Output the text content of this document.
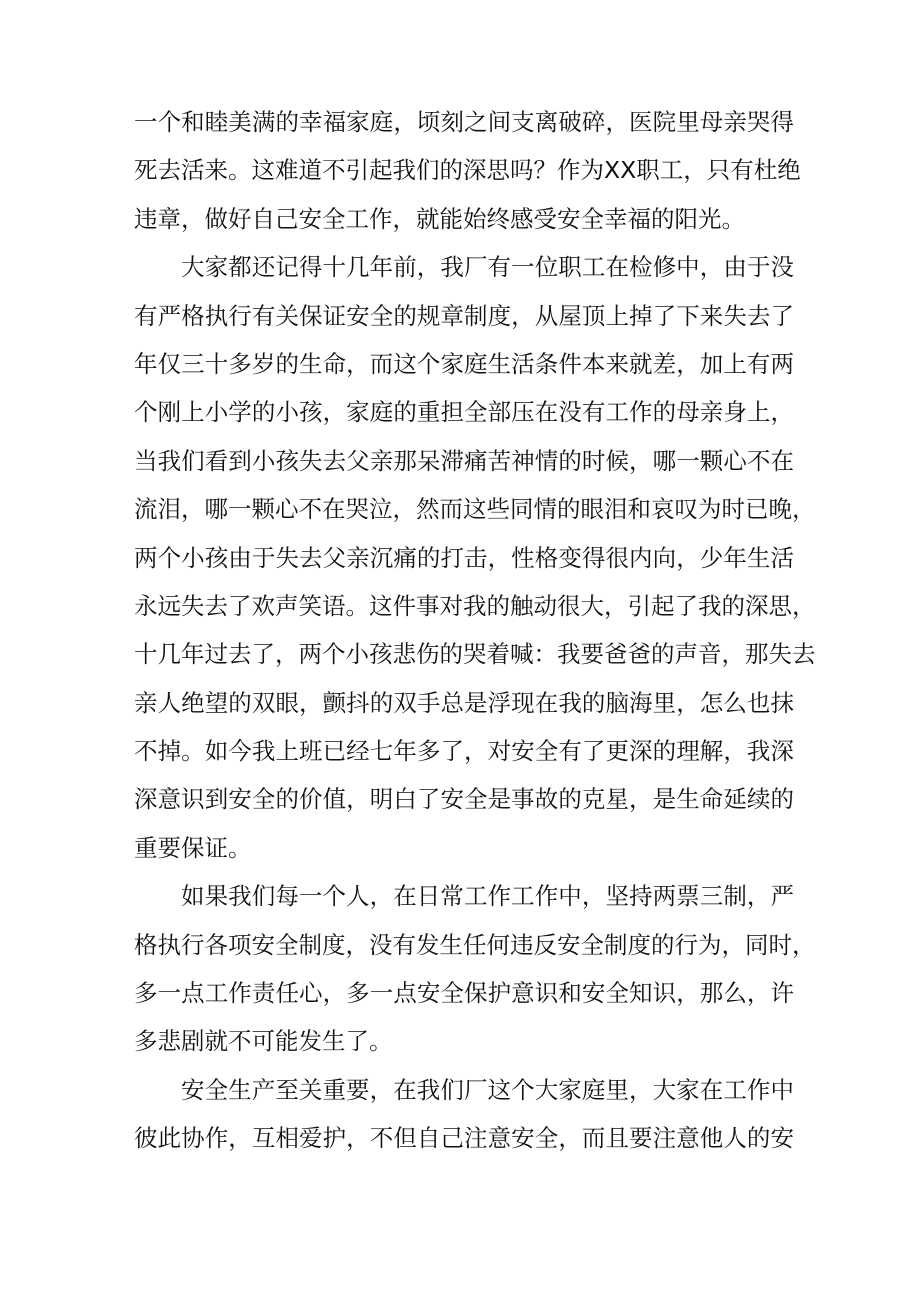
一个和睦美满的幸福家庭，顷刻之间支离破碎，医院里母亲哭得
死去活来。这难道不引起我们的深思吗？作为XX职工，只有杜绝
违章，做好自己安全工作，就能始终感受安全幸福的阳光。
大家都还记得十几年前，我厂有一位职工在检修中，由于没
有严格执行有关保证安全的规章制度，从屋顶上掉了下来失去了
年仅三十多岁的生命，而这个家庭生活条件本来就差，加上有两
个刚上小学的小孩，家庭的重担全部压在没有工作的母亲身上，
当我们看到小孩失去父亲那呆滞痛苦神情的时候，哪一颗心不在
流泪，哪一颗心不在哭泣，然而这些同情的眼泪和哀叹为时已晚，
两个小孩由于失去父亲沉痛的打击，性格变得很内向，少年生活
永远失去了欢声笑语。这件事对我的触动很大，引起了我的深思，
十几年过去了，两个小孩悲伤的哭着喊：我要爸爸的声音，那失去
亲人绝望的双眼，颤抖的双手总是浮现在我的脑海里，怎么也抹
不掉。如今我上班已经七年多了，对安全有了更深的理解，我深
深意识到安全的价值，明白了安全是事故的克星，是生命延续的
重要保证。
如果我们每一个人，在日常工作工作中，坚持两票三制，严
格执行各项安全制度，没有发生任何违反安全制度的行为，同时，
多一点工作责任心，多一点安全保护意识和安全知识，那么，许
多悲剧就不可能发生了。
安全生产至关重要，在我们厂这个大家庭里，大家在工作中
彼此协作，互相爱护，不但自己注意安全，而且要注意他人的安
